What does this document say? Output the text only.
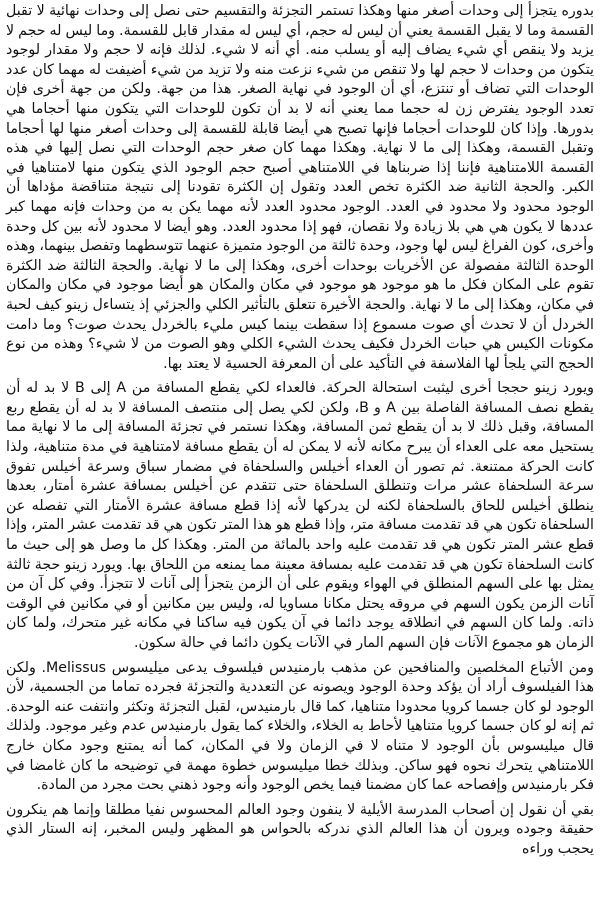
بدوره يتجزأ إلى وحدات أصغر منها وهكذا تستمر التجزئة والتقسيم حتى نصل إلى وحدات نهائية لا تقبل القسمة وما لا يقبل القسمة يعني أن ليس له حجم، أي ليس له مقدار قابل للقسمة. وما ليس له حجم لا يزيد ولا ينقص أي شيء يضاف إليه أو يسلب منه. أي أنه لا شيء. لذلك فإنه لا حجم ولا مقدار لوجود يتكون من وحدات لا حجم لها ولا تنقص من شيء نزعت منه ولا تزيد من شيء أضيفت له مهما كان عدد الوحدات التي تضاف أو تنتزع، أي أن الوجود في نهاية الصغر. هذا من جهة. ولكن من جهة أخرى فإن تعدد الوجود يفترض زن له حجما مما يعني أنه لا بد أن تكون للوحدات التي يتكون منها أحجاما هي بدورها. وإذا كان للوحدات أحجاما فإنها تصبح هي أيضا قابلة للقسمة إلى وحدات أصغر منها لها أحجاما وتقبل القسمة، وهكذا إلى ما لا نهاية. وهكذا مهما كان صغر حجم الوحدات التي نصل إليها في هذه القسمة اللامتناهية فإننا إذا ضربناها في اللامتناهي أصبح حجم الوجود الذي يتكون منها لامتناهيا في الكبر. والحجة الثانية ضد الكثرة تخص العدد وتقول إن الكثرة تقودنا إلى نتيجة متناقضة مؤداها أن الوجود محدود ولا محدود في العدد. الوجود محدود العدد لأنه مهما يكن به من وحدات فإنه مهما كبر عددها لا يكون هي هي بلا زيادة ولا نقصان، فهو إذا محدود العدد. وهو أيضا لا محدود لأنه بين كل وحدة وأخرى، كون الفراغ ليس لها وجود، وحدة ثالثة من الوجود متميزة عنهما تتوسطهما وتفصل بينهما، وهذه الوحدة الثالثة مفصولة عن الأخريات بوحدات أخرى، وهكذا إلى ما لا نهاية. والحجة الثالثة ضد الكثرة تقوم على المكان فكل ما هو موجود هو موجود في مكان والمكان هو أيضا موجود في مكان والمكان في مكان، وهكذا إلى ما لا نهاية. والحجة الأخيرة تتعلق بالتأثير الكلي والجزئي إذ يتساءل زينو كيف لحبة الخردل أن لا تحدث أي صوت مسموع إذا سقطت بينما كيس مليء بالخردل يحدث صوت؟ وما دامت مكونات الكيس هي حبات الخردل فكيف يحدث الشيء الكلي وهو الصوت من لا شيء؟ وهذه من نوع الحجج التي يلجأ لها الفلاسفة في التأكيد على أن المعرفة الحسية لا يعتد بها.

ويورد زينو حججا أخرى ليثبت استحالة الحركة. فالعداء لكي يقطع المسافة من A إلى B لا بد له أن يقطع نصف المسافة الفاصلة بين A و B، ولكن لكي يصل إلى منتصف المسافة لا بد له أن يقطع ربع المسافة، وقبل ذلك لا بد أن يقطع ثمن المسافة، وهكذا نستمر في تجزئة المسافة إلى ما لا نهاية مما يستحيل معه على العداء أن يبرح مكانه لأنه لا يمكن له أن يقطع مسافة لامتناهية في مدة متناهية، ولذا كانت الحركة ممتنعة. ثم تصور أن العداء أخيلس والسلحفاة في مضمار سباق وسرعة أخيلس تفوق سرعة السلحفاة عشر مرات وتنطلق السلحفاة حتى تتقدم عن أخيلس بمسافة عشرة أمتار، بعدها ينطلق أخيلس للحاق بالسلحفاة لكنه لن يدركها لأنه إذا قطع مسافة عشرة الأمتار التي تفصله عن السلحفاة تكون هي قد تقدمت مسافة متر، وإذا قطع هو هذا المتر تكون هي قد تقدمت عشر المتر، وإذا قطع عشر المتر تكون هي قد تقدمت عليه واحد بالمائة من المتر. وهكذا كل ما وصل هو إلى حيث ما كانت السلحفاة تكون هي قد تقدمت عليه بمسافة معينة مما يمنعه من اللحاق بها. ويورد زينو حجة ثالثة يمثل بها على السهم المنطلق في الهواء ويقوم على أن الزمن يتجزأ إلى آنات لا تتجزأ. وفي كل آن من آنات الزمن يكون السهم في مروقه يحتل مكانا مساويا له، وليس بين مكانين أو في مكانين في الوقت ذاته. ولما كان السهم في انطلاقه يوجد دائما في آن يكون فيه ساكنا في مكانه غير متحرك، ولما كان الزمان هو مجموع الآنات فإن السهم المار في الآنات يكون دائما في حالة سكون.

ومن الأتباع المخلصين والمنافحين عن مذهب بارمنيدس فيلسوف يدعى ميليسوس Melissus. ولكن هذا الفيلسوف أراد أن يؤكد وحدة الوجود ويصونه عن التعددية والتجزئة فجرده تماما من الجسمية، لأن الوجود لو كان جسما كرويا محدودا متناهيا، كما قال بارمنيدس، لقبل التجزئة وتكثر وانتفت عنه الوحدة. ثم إنه لو كان جسما كرويا متناهيا لأحاط به الخلاء، والخلاء كما يقول بارمنيدس عدم وغير موجود. ولذلك قال ميليسوس بأن الوجود لا متناه لا في الزمان ولا في المكان، كما أنه يمتنع وجود مكان خارج اللامتناهي يتحرك نحوه فهو ساكن. وبذلك خطا ميليسوس خطوة مهمة في توضيحه ما كان غامضا في فكر بارمنيدس وإفصاحه عما كان مضمنا فيما يخص الوجود وأنه وجود ذهني بحت مجرد من المادة.

بقي أن نقول إن أصحاب المدرسة الأيلية لا ينفون وجود العالم المحسوس نفيا مطلقا وإنما هم ينكرون حقيقة وجوده ويرون أن هذا العالم الذي ندركه بالحواس هو المظهر وليس المخبر، إنه الستار الذي يحجب وراءه
